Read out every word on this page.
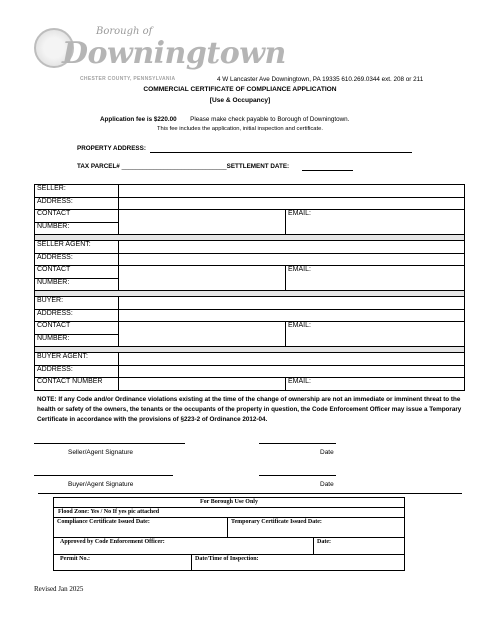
Borough of
Downingtown
CHESTER COUNTY, PENNSYLVANIA	4 W Lancaster Ave Downingtown, PA 19335 610.269.0344 ext. 208 or 211
COMMERCIAL CERTIFICATE OF COMPLIANCE APPLICATION
[Use & Occupancy]
Application fee is $220.00 Please make check payable to Borough of Downingtown.
This fee includes the application, initial inspection and certificate.
PROPERTY ADDRESS:
TAX PARCEL# ______________________________SETTLEMENT DATE:
SELLER:		
ADDRESS:		
CONTACT		EMAIL:
NUMBER:		

SELLER AGENT:		
ADDRESS:		
CONTACT		EMAIL:
NUMBER:		

BUYER:		
ADDRESS:		
CONTACT		EMAIL:
NUMBER:		

BUYER AGENT:		
ADDRESS:		
CONTACT NUMBER		EMAIL:
NOTE: If any Code and/or Ordinance violations existing at the time of the change of ownership are not an immediate or imminent threat to the health or safety of the owners, the tenants or the occupants of the property in question, the Code Enforcement Officer may issue a Temporary Certificate in accordance with the provisions of §223-2 of Ordinance 2012-04.
Seller/Agent Signature	Date
Buyer/Agent Signature	Date
For Borough Use Only			
Flood Zone: Yes / No If yes pic attached			
Compliance Certificate Issued Date:		Temporary Certificate Issued Date:	
Approved by Code Enforcement Officer:			Date:
Permit No.:	Date/Time of Inspection:		
Revised Jan 2025
